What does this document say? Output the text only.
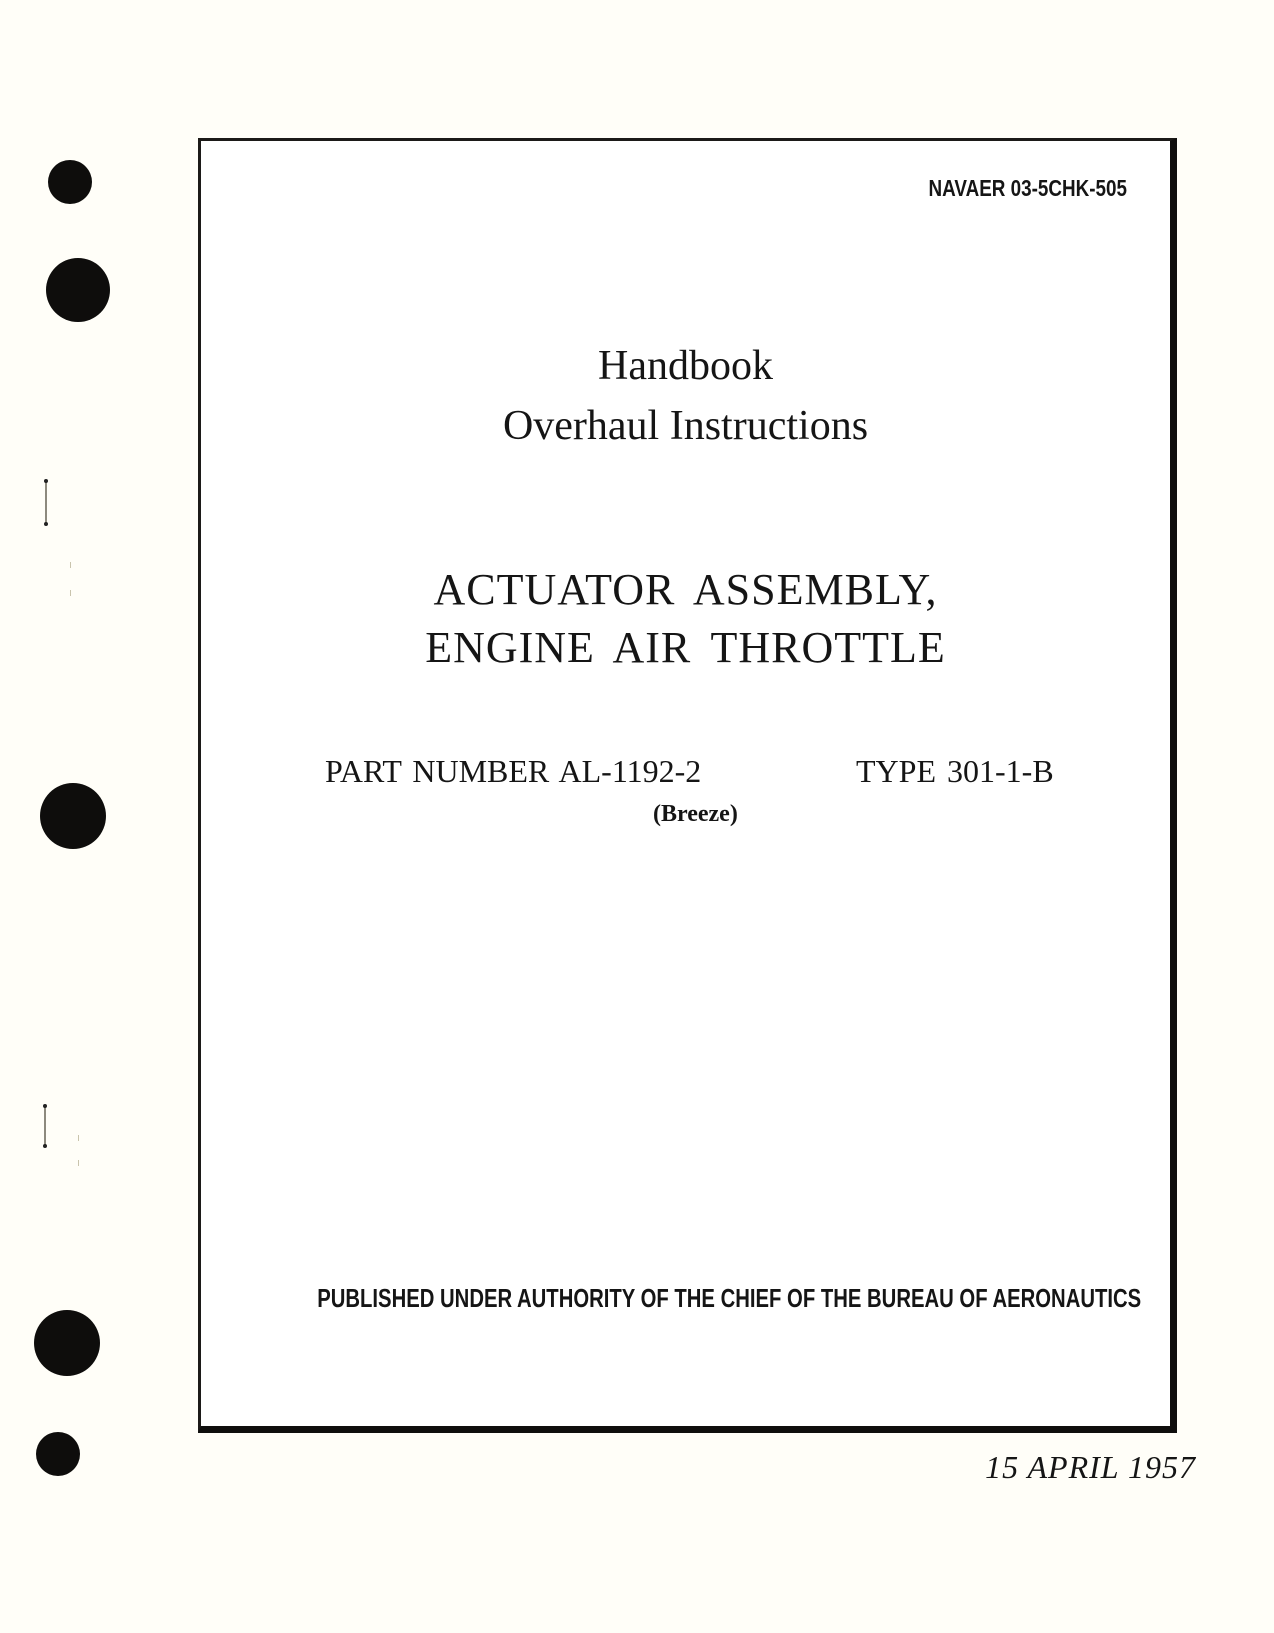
NAVAER 03-5CHK-505
Handbook
Overhaul Instructions
ACTUATOR ASSEMBLY,
ENGINE AIR THROTTLE
PART NUMBER AL-1192-2	TYPE 301-1-B
(Breeze)
PUBLISHED UNDER AUTHORITY OF THE CHIEF OF THE BUREAU OF AERONAUTICS
15 APRIL 1957
